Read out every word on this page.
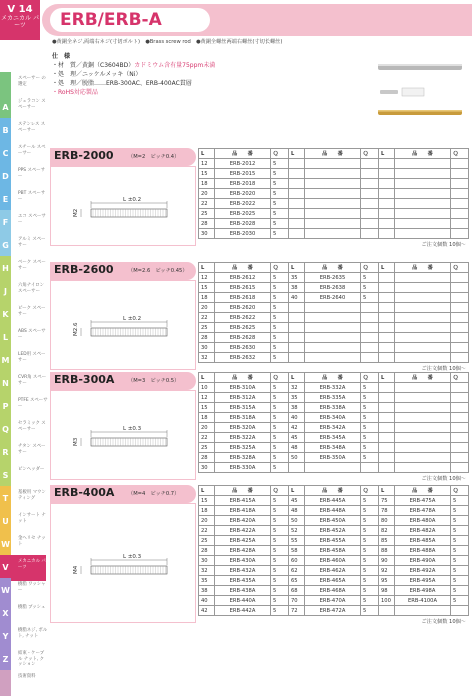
V 14
メカニカル パーツ	ERB/ERB-A
●黄銅全ネジ,両端右ネジ(寸切ボルト)　●Brass screw rod　●黄銅全螺丝两端右螺丝(寸切长螺丝)
スペーサー の選定
A
ジュラコン スペーサー
B
ステンレス スペーサー
C
スチール スペーサー
D
PPS スペーサー
E
PBT スペーサー
F
エコ スペーサー
G
アルミ スペーサー
H
ベーク スペーサー
J
六角ナイロン スペーサー
K
ピーク スペーサー
L
ABS スペーサー
M
LED用 スペーサー
N
CVR角 スペーサー
P
PTFE スペーサー
Q
セラミック スペーサー
R
チタン スペーサー
S
ピンヘッダー
T
基板用 マウンティング
U
インサート ナット
W
金ヘリセ ナット
V
メカニカル パーツ
W
樹脂 ワッシャー
X
樹脂 ブッシュ
Y
樹脂ネジ, ボルト, ナット
Z
結束・ケーブル ナット, クッション
技術資料
仕　様
・材　質／黄銅（C3604BD）カドミウム含有量75ppm未満
・処　理／ニッケルメッキ（Ni）
・処　理／脱脂……ERB-300AC、ERB-400AC貫層
・RoHS対応製品
ERB-2000	（M=2　ピッチ0.4）
L ±0.2
M2
L	品　　番	Ｑ
12	ERB-2012	5
15	ERB-2015	5
18	ERB-2018	5
20	ERB-2020	5
22	ERB-2022	5
25	ERB-2025	5
28	ERB-2028	5
30	ERB-2030	5
L	品　　番	Ｑ

		L	品　　番	Ｑ

ご注文個数 10個～
ERB-2600	（M=2.6　ピッチ0.45）
L ±0.2
M2.6
L	品　　番	Ｑ
12	ERB-2612	5
15	ERB-2615	5
18	ERB-2618	5
20	ERB-2620	5
22	ERB-2622	5
25	ERB-2625	5
28	ERB-2628	5
30	ERB-2630	5
32	ERB-2632	5
L	品　　番	Ｑ
35	ERB-2635	5
38	ERB-2638	5
40	ERB-2640	5

L	品　　番	Ｑ

ご注文個数 10個～
ERB-300A	（M=3　ピッチ0.5）
L ±0.3
M3
L	品　　番	Ｑ
10	ERB-310A	5
12	ERB-312A	5
15	ERB-315A	5
18	ERB-318A	5
20	ERB-320A	5
22	ERB-322A	5
25	ERB-325A	5
28	ERB-328A	5
30	ERB-330A	5
L	品　　番	Ｑ
32	ERB-332A	5
35	ERB-335A	5
38	ERB-338A	5
40	ERB-340A	5
42	ERB-342A	5
45	ERB-345A	5
48	ERB-348A	5
50	ERB-350A	5

L	品　　番	Ｑ

ご注文個数 10個～
ERB-400A	（M=4　ピッチ0.7）
L ±0.3
M4
L	品　　番	Ｑ
15	ERB-415A	5
18	ERB-418A	5
20	ERB-420A	5
22	ERB-422A	5
25	ERB-425A	5
28	ERB-428A	5
30	ERB-430A	5
32	ERB-432A	5
35	ERB-435A	5
38	ERB-438A	5
40	ERB-440A	5
42	ERB-442A	5
L	品　　番	Ｑ
45	ERB-445A	5
48	ERB-448A	5
50	ERB-450A	5
52	ERB-452A	5
55	ERB-455A	5
58	ERB-458A	5
60	ERB-460A	5
62	ERB-462A	5
65	ERB-465A	5
68	ERB-468A	5
70	ERB-470A	5
72	ERB-472A	5
L	品　　番	Ｑ
75	ERB-475A	5
78	ERB-478A	5
80	ERB-480A	5
82	ERB-482A	5
85	ERB-485A	5
88	ERB-488A	5
90	ERB-490A	5
92	ERB-492A	5
95	ERB-495A	5
98	ERB-498A	5
100	ERB-4100A	5

ご注文個数 10個～
